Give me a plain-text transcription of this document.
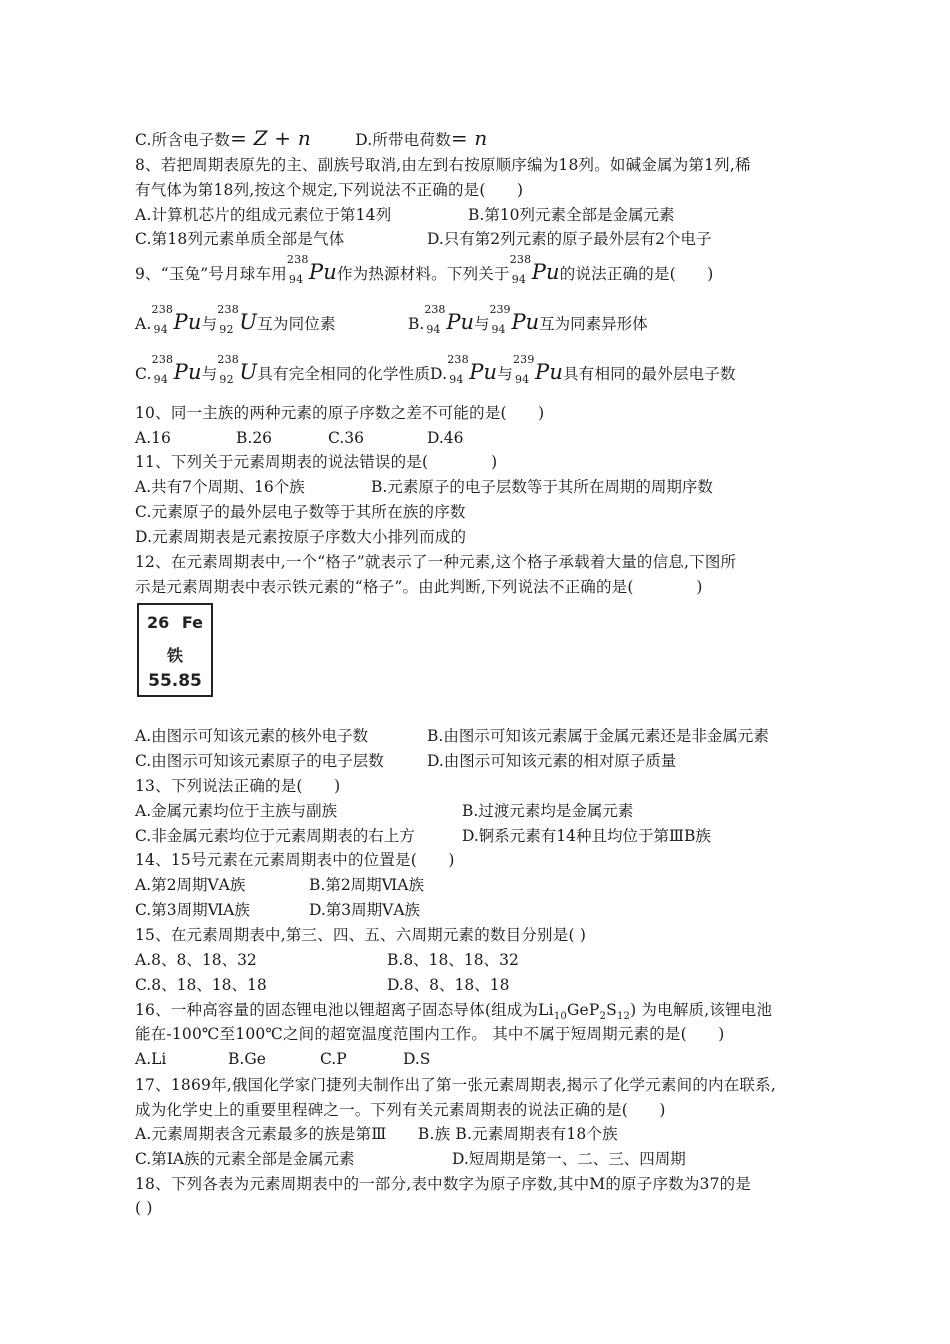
C.所含电子数= Z + n	D.所带电荷数= n
8、若把周期表原先的主、副族号取消,由左到右按原顺序编为18列。如碱金属为第1列,稀
有气体为第18列,按这个规定,下列说法不正确的是(　　)
A.计算机芯片的组成元素位于第14列	B.第10列元素全部是金属元素
C.第18列元素单质全部是气体	D.只有第2列元素的原子最外层有2个电子
9、“玉兔”号月球车用
238
94 Pu作为热源材料。下列关于
238
94 Pu的说法正确的是(　　)
A.
238
94 Pu与
238
92 U互为同位素	B.
238
94 Pu与
239
94 Pu互为同素异形体
C.
238
94 Pu与
238
92 U具有完全相同的化学性质D.
238
94 Pu与
239
94 Pu具有相同的最外层电子数
10、同一主族的两种元素的原子序数之差不可能的是(　　)
A.16	B.26	C.36	D.46
11、下列关于元素周期表的说法错误的是(　　　　)
A.共有7个周期、16个族	B.元素原子的电子层数等于其所在周期的周期序数
C.元素原子的最外层电子数等于其所在族的序数
D.元素周期表是元素按原子序数大小排列而成的
12、在元素周期表中,一个“格子”就表示了一种元素,这个格子承载着大量的信息,下图所
示是元素周期表中表示铁元素的“格子”。由此判断,下列说法不正确的是(　　　　)
26 Fe
铁
55.85
A.由图示可知该元素的核外电子数	B.由图示可知该元素属于金属元素还是非金属元素
C.由图示可知该元素原子的电子层数	D.由图示可知该元素的相对原子质量
13、下列说法正确的是(　　)
A.金属元素均位于主族与副族	B.过渡元素均是金属元素
C.非金属元素均位于元素周期表的右上方	D.锕系元素有14种且均位于第ⅢB族
14、15号元素在元素周期表中的位置是(　　)
A.第2周期ⅤA族	B.第2周期ⅥA族
C.第3周期ⅥA族	D.第3周期ⅤA族
15、在元素周期表中,第三、四、五、六周期元素的数目分别是( )
A.8、8、18、32	B.8、18、18、32
C.8、18、18、18	D.8、8、18、18
16、一种高容量的固态锂电池以锂超离子固态导体(组成为$Li_{10}GeP_2S_{12}$) 为电解质,该锂电池
能在-100℃至100℃之间的超宽温度范围内工作。 其中不属于短周期元素的是(　　)
A.Li	B.Ge	C.P	D.S
17、1869年,俄国化学家门捷列夫制作出了第一张元素周期表,揭示了化学元素间的内在联系,
成为化学史上的重要里程碑之一。下列有关元素周期表的说法正确的是(　　)
A.元素周期表含元素最多的族是第Ⅲ　　B.族 B.元素周期表有18个族
C.第ⅠA族的元素全部是金属元素	D.短周期是第一、二、三、四周期
18、下列各表为元素周期表中的一部分,表中数字为原子序数,其中M的原子序数为37的是
( )
